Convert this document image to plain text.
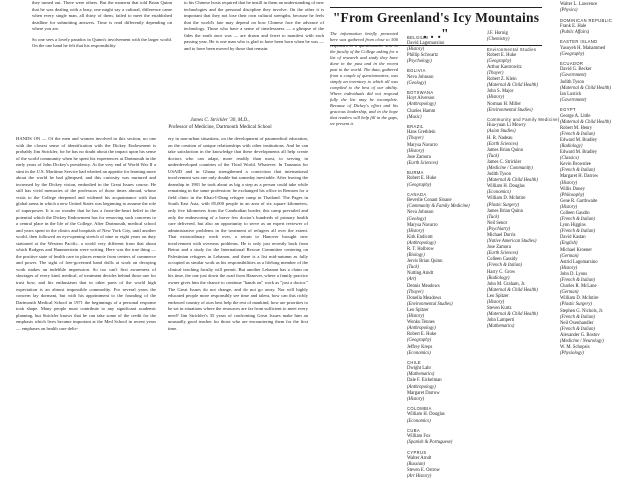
they turned out. There were others. But the moment that told Brian Quinn that he was dealing with a busy, one might say a cultural, difference came when every single man, all thirty of them, failed to meet the established deadline for submitting answers. Time is read differently depending on where you are.

So one sees a lovely paradox in Quinn's involvement with the larger world. On the one hand he felt that his responsibility

to his Chinese hosts required that he instill in them an understanding of new technologies and the personal discipline they involve. On the other it is important that they not lose their own cultural strengths, because he feels that the world's fate may depend on how Chinese face the advance of technology. Those who have a sense of timelessness — a glimpse of the fides the earth once was — are drawn and ferret to manifest with each passing year. He is one man who is glad to have been born when he was — and to have been moved by those that remain.

James C. Strickler '30, M.D.,
Professor of Medicine, Dartmouth Medical School

HANDS ON — Of the men and women involved in this section, no one with the closest sense of identification with the Dickey Endowment is probably Jim Strickler, for he has no doubt about the impact upon his sense of the world community when he spent his experiences at Dartmouth in the early years of John Dickey's presidency. At the very end of World War II a stint in the U.S. Maritime Service had whetted an appetite for learning more about the world he had glimpsed, and this curiosity was nurtured and increased by the Dickey vision, embodied in the Great Issues course. He still has vivid memories of the professors of those times abroad, whose visits to the College deepened and widened his acquaintance with that global arena in which a new United States was beginning to assume the role of superpower. It is no wonder that he has a front-the-heart belief in the potential which the Dickey Endowment has for removing such concerns to a central place in the life of the College. After Dartmouth, medical school and years spent in the clinics and hospitals of New York City, until another world, then followed an eye-opening stretch of nine or eight years on duty stationed at the Western Pacific, a world very different from that about which Rodgers and Hammerstein were writing. Here was the true thing — the positive state of health care in places remote from centers of commerce and power. The sight of free-governed band drills at work on decaying work makes an indelible impression. So too can't first awareness of shortages of every kind, medical, of treatment decides behind those one for trust how, and his enthusiasm that in other parts of the world high expectation is an almost impossible commodity. For several years the concern lay dormant, but with his appointment to the founding of the Dartmouth Medical School in 1971 the beginnings of a personal response took shape. Many people must contribute to any significant academic planning, but Strickler knows that he can take some of the credit for the emphasis which lives became important at the Med School in recent years — emphases on health care deliv-

ery in non-urban situations, on the development of paramedical education, on the creation of unique relationships with other institutions. And he can take satisfaction in the knowledge that these developments all help create doctors who can adapt, more readily than most, to serving in underdeveloped countries of the Third World. Whatever. In Tanzania for USAID and in Ghana strengthened a conviction that international involvement was one only double but someday inevitable. After leaving the deanship in 1981 he took about as big a step as a person could take while remaining in the same profession: he exchanged his office in Remsen for a field clinic in the Khao-I-Dang refugee camp in Thailand. The Pages in South East Asia, with 85,000 people in an area of six square kilometers, only five kilometers from the Cambodian border, this camp prevailed and only the endeavoring of a brave few doctor's hundreds of primary health care delivered, but also an opportunity to serve as an expert reviewer of administrative problems in the treatment of refugees all over the extent. That extraordinary work over, a return to Hanover brought new involvement with overseas problems. He is only just recently back from Beirut and a study for the International Rescue Committee centering on Palestinian refugees in Lebanon, and there is a list mid-autumn as fully occupied as similar work as his responsibilities as a lifelong member of the clinical teaching faculty will permit. But another Lebanon has a claim on his time, the one just down the road from Hanover, where a family practice owner gives him the chance to continue "hands on" work as "just a doctor." The Great Issues do not change, and do not go away. Nor will highly educated people more responsibly see time and talent, how can this richly endowed country of ours best help the rest of mankind, how are priorities to be set in situations where the resources are far from sufficient to meet every need? Jim Strickler's 35 years of confronting Great Issues make him an unusually good teacher for those who are encountering them for the first time.

"From Greenland's Icy Mountains . . ."
The information briefly presented here was gathered from close to 500 responses to a questionnaire sent to the faculty of the College asking for a list of research and study they have done in the past and in the recent past in the world. The data, gathered from a couple of questionnaires, was simply an inventory to which all was compiled to the best of our ability. Where individuals did not respond fully the list may be incomplete. Because of Dickey's effort and his gracious leadership, and in the hope that readers will help fill in the gaps, we present it.

BELGIUM

David Lagomarsino
(History)

Phillip Schwartz
(Psychology)

BOLIVIA

Neva Johnson
(Geology)

BOTSWANA

Hoyt Alverson
(Anthropology)

Charles Hamm
(Music)

BRAZIL

Hans Grethlein
(Thayer)

Marysa Navarro
(History)

Jose Zamora
(Earth Sciences)

BURMA

Robert E. Huke
(Geography)

CANADA

Beverlie Conant Sloane
(Community & Family Medicine)

Neva Johnson
(Geology)

Marysa Navarro
(History)

Kirk Endicott
(Anthropology)

R. T. Holbrow
(Biology)

Jervis Brian Quinn
(Tuck)

Nutting Arndt
(Art)

Dennis Meadows
(Thayer)

Donella Meadows
(Environmental Studies)

Leo Spitzer
(History)

Wonku Tennes
(Anthropology)

Robert E. Huke
(Geography)

Jeffrey Kreps
(Economics)

CHILE

Dwight Lahr
(Mathematics)

Dale F. Eickelman
(Anthropology)

Margaret Darrow
(History)

COLOMBIA

William H. Douglas
(Economics)

CUBA

William Fox
(Spanish & Portuguese)

CYPRUS

Walter Arndt
(Russian)

Steven E. Ostrow
(Art History)

J.F. Hornig
(Chemistry)

Environmental Studies

Robert E. Huke
(Geography)

Arthur Kantrowitz
(Thayer)

Robert Z. Klein
(Maternal & Child Health)

John S. Major
(History)

Norman H. Miller
(Environmental Studies)

Community and Family Medicine)

Hua-yuan Li Mowry
(Asian Studies)

H. R. Nadeau
(Earth Sciences)

James Brian Quinn
(Tuck)

James C. Strickler
(Medicine / Community)

Judith Tyson
(Maternal & Child Health)

William H. Douglas
(Economics)

William D. McIntire
(Plastic Surgery)

James Brian Quinn
(Tuck)

Neil Senor
(Psychiatry)

Michael Dorris
(Native American Studies)

Jose Zamora
(Earth Sciences)

Colleen Cassidy
(French & Italian)

Harry C. Grow
(Radiology)

John M. Graham, Jr.
(Maternal & Child Health)

Leo Spitzer
(History)

Steven Kurtz
(Maternal & Child Health)

John Lamperti
(Mathematics)

Walter L. Lawrence
(Physics)

DOMINICAN REPUBLIC

Frank E. Hale
(Public Affairs)

EASTER ISLAND

Yasuyeh H. Mahammed
(Geography)

ECUADOR

David G. Becker
(Government)

Judith Tyson
(Maternal & Child Health)

Ian Lustick
(Government)

EGYPT

George A. Little
(Maternal & Child Health)

Robert M. Henry
(French & Italian)

Edward M. Bradley
(Radiology)

Edward M. Bradley
(Classics)

Kevin Brownlee
(French & Italian)

Margaret H. Darrow
(History)

Willis Doney
(Philosophy)

Gene R. Garthwaite
(History)

Colleen Gaudin
(French & Italian)

Lynn Higgins
(French & Italian)

David Kastan
(English)

Michael Kroener
(German)

Astrid Lagomarsino
(History)

John D. Lyons
(French & Italian)

Charles R. McLane
(German)

William D. McIntire
(Plastic Surgery)

Stephen G. Nichols, Jr.
(French & Italian)

Neil Oxenhandler
(French & Italian)

Alexander G. Rostov
(Medicine / Neurology)

W. M. Schopsis
(Physiology)
